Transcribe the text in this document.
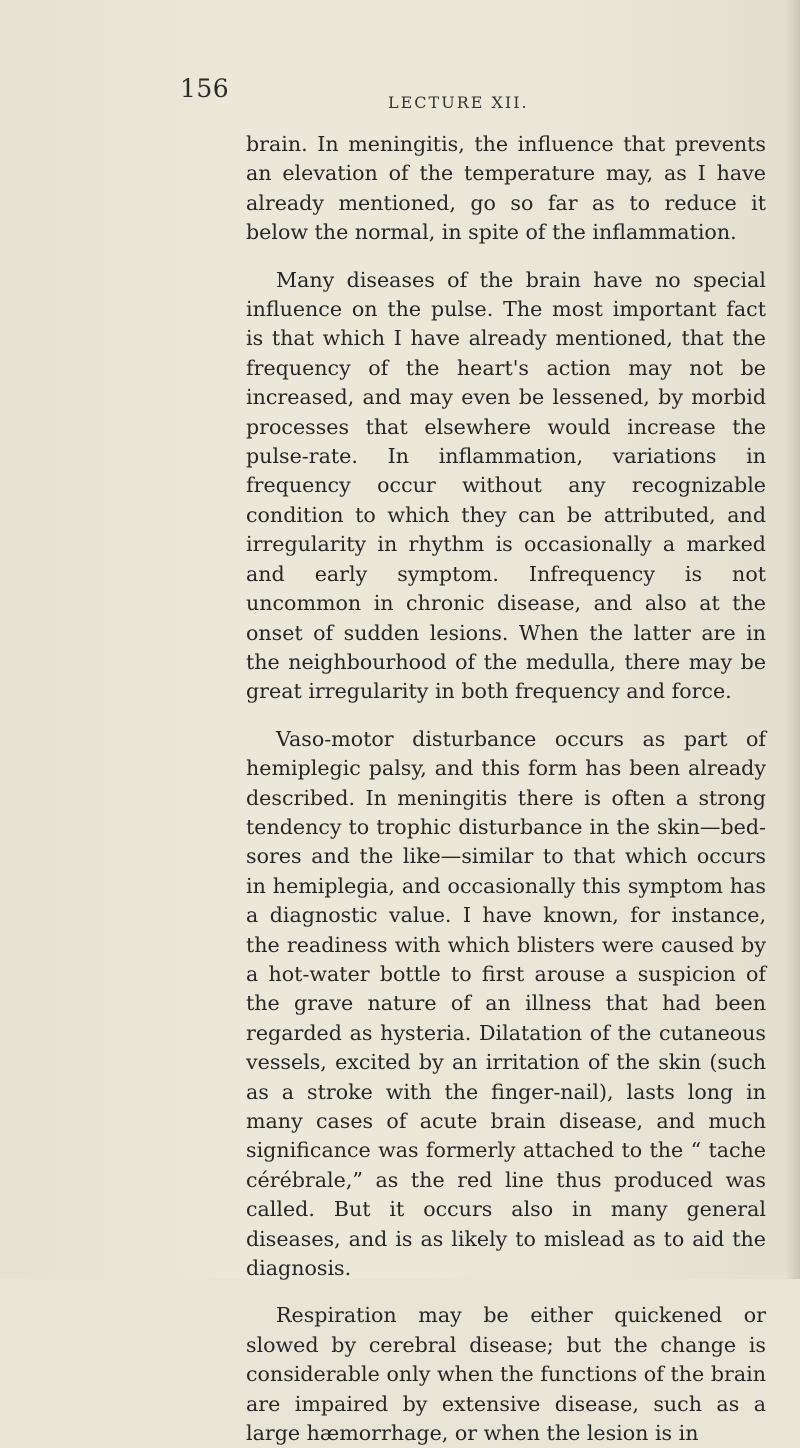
156	LECTURE XII.

brain. In meningitis, the influence that prevents an elevation of the temperature may, as I have already mentioned, go so far as to reduce it below the normal, in spite of the inflammation.

Many diseases of the brain have no special influence on the pulse. The most important fact is that which I have already mentioned, that the frequency of the heart's action may not be increased, and may even be lessened, by morbid processes that elsewhere would increase the pulse-rate. In inflammation, variations in frequency occur without any recognizable condition to which they can be attributed, and irregularity in rhythm is occasionally a marked and early symptom. Infrequency is not uncommon in chronic disease, and also at the onset of sudden lesions. When the latter are in the neighbourhood of the medulla, there may be great irregularity in both frequency and force.

Vaso-motor disturbance occurs as part of hemiplegic palsy, and this form has been already described. In meningitis there is often a strong tendency to trophic disturbance in the skin—bed-sores and the like—similar to that which occurs in hemiplegia, and occasionally this symptom has a diagnostic value. I have known, for instance, the readiness with which blisters were caused by a hot-water bottle to first arouse a suspicion of the grave nature of an illness that had been regarded as hysteria. Dilatation of the cutaneous vessels, excited by an irritation of the skin (such as a stroke with the finger-nail), lasts long in many cases of acute brain disease, and much significance was formerly attached to the “ tache cérébrale,” as the red line thus produced was called. But it occurs also in many general diseases, and is as likely to mislead as to aid the diagnosis.

Respiration may be either quickened or slowed by cerebral disease; but the change is considerable only when the functions of the brain are impaired by extensive disease, such as a large hæmorrhage, or when the lesion is in
